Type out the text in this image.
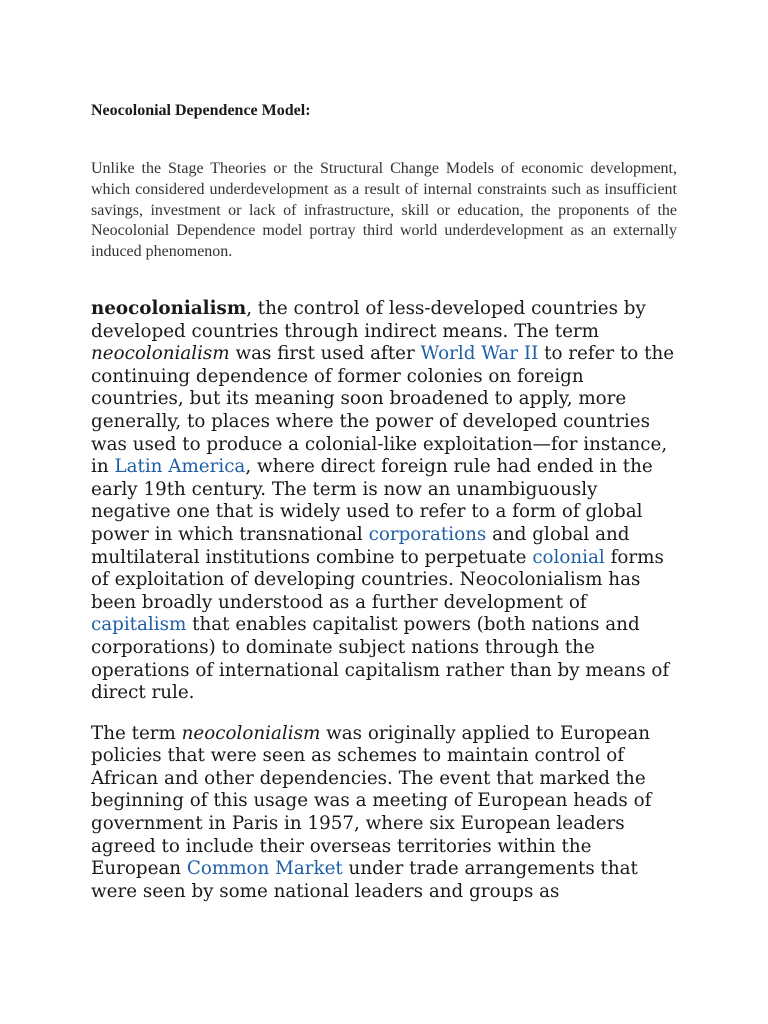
Neocolonial Dependence Model:

Unlike the Stage Theories or the Structural Change Models of economic development, which considered underdevelopment as a result of internal constraints such as insufficient savings, investment or lack of infrastructure, skill or education, the proponents of the Neocolonial Dependence model portray third world underdevelopment as an externally induced phenomenon.

neocolonialism, the control of less-developed countries by developed countries through indirect means. The term neocolonialism was first used after World War II to refer to the continuing dependence of former colonies on foreign countries, but its meaning soon broadened to apply, more generally, to places where the power of developed countries was used to produce a colonial-like exploitation—for instance, in Latin America, where direct foreign rule had ended in the early 19th century. The term is now an unambiguously negative one that is widely used to refer to a form of global power in which transnational corporations and global and multilateral institutions combine to perpetuate colonial forms of exploitation of developing countries. Neocolonialism has been broadly understood as a further development of capitalism that enables capitalist powers (both nations and corporations) to dominate subject nations through the operations of international capitalism rather than by means of direct rule.

The term neocolonialism was originally applied to European policies that were seen as schemes to maintain control of African and other dependencies. The event that marked the beginning of this usage was a meeting of European heads of government in Paris in 1957, where six European leaders agreed to include their overseas territories within the European Common Market under trade arrangements that were seen by some national leaders and groups as
